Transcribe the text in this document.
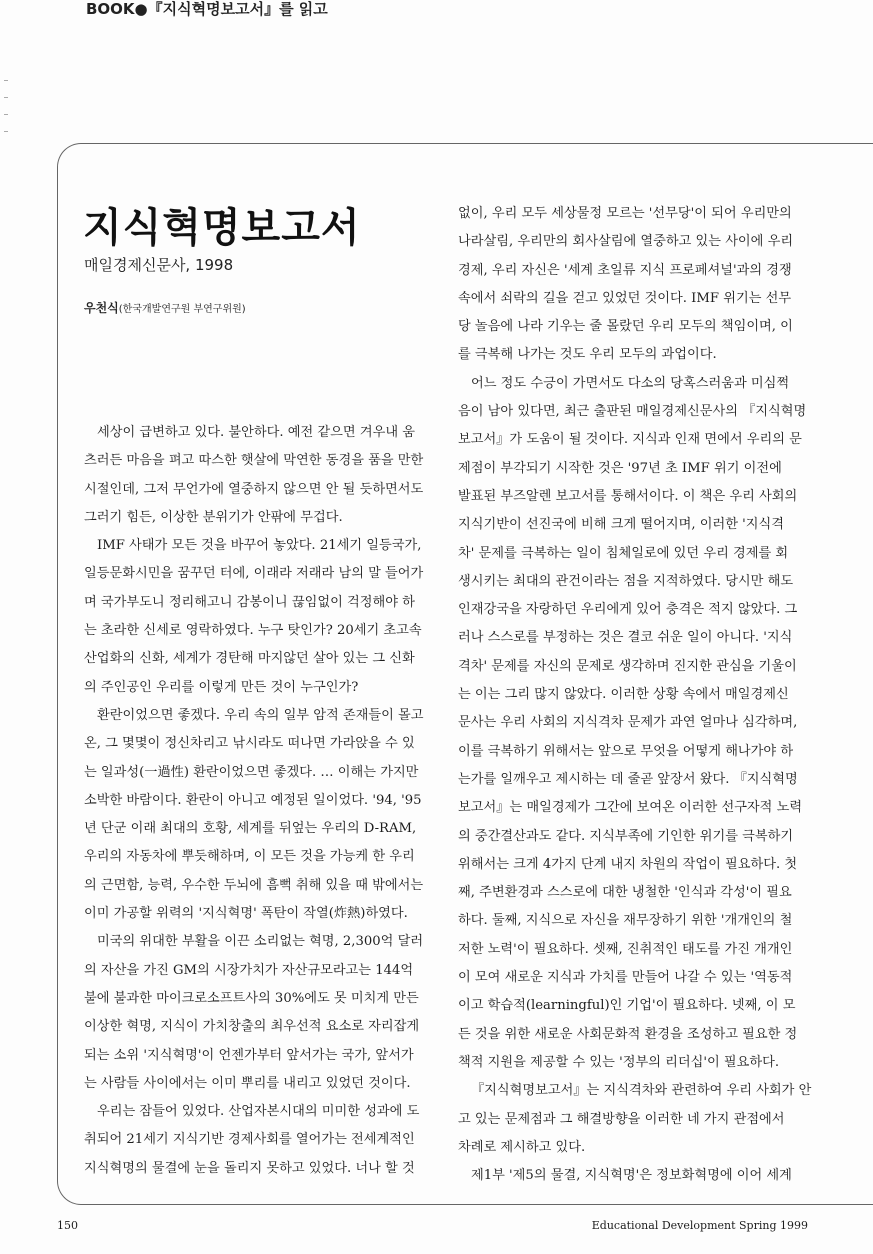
BOOK●『지식혁명보고서』를 읽고
지식혁명보고서
매일경제신문사, 1998
우천식(한국개발연구원 부연구위원)

세상이 급변하고 있다. 불안하다. 예전 같으면 겨우내 움

츠러든 마음을 펴고 따스한 햇살에 막연한 동경을 품을 만한

시절인데, 그저 무언가에 열중하지 않으면 안 될 듯하면서도

그러기 힘든, 이상한 분위기가 안팎에 무겁다.

IMF 사태가 모든 것을 바꾸어 놓았다. 21세기 일등국가,

일등문화시민을 꿈꾸던 터에, 이래라 저래라 남의 말 들어가

며 국가부도니 정리해고니 감봉이니 끊임없이 걱정해야 하

는 초라한 신세로 영락하였다. 누구 탓인가? 20세기 초고속

산업화의 신화, 세계가 경탄해 마지않던 살아 있는 그 신화

의 주인공인 우리를 이렇게 만든 것이 누구인가?

환란이었으면 좋겠다. 우리 속의 일부 암적 존재들이 몰고

온, 그 몇몇이 정신차리고 낚시라도 떠나면 가라앉을 수 있

는 일과성(一過性) 환란이었으면 좋겠다. … 이해는 가지만

소박한 바람이다. 환란이 아니고 예정된 일이었다. '94, '95

년 단군 이래 최대의 호황, 세계를 뒤엎는 우리의 D-RAM,

우리의 자동차에 뿌듯해하며, 이 모든 것을 가능케 한 우리

의 근면함, 능력, 우수한 두뇌에 흠뻑 취해 있을 때 밖에서는

이미 가공할 위력의 '지식혁명' 폭탄이 작열(炸熱)하였다.

미국의 위대한 부활을 이끈 소리없는 혁명, 2,300억 달러

의 자산을 가진 GM의 시장가치가 자산규모라고는 144억

불에 불과한 마이크로소프트사의 30%에도 못 미치게 만든

이상한 혁명, 지식이 가치창출의 최우선적 요소로 자리잡게

되는 소위 '지식혁명'이 언젠가부터 앞서가는 국가, 앞서가

는 사람들 사이에서는 이미 뿌리를 내리고 있었던 것이다.

우리는 잠들어 있었다. 산업자본시대의 미미한 성과에 도

취되어 21세기 지식기반 경제사회를 열어가는 전세계적인

지식혁명의 물결에 눈을 돌리지 못하고 있었다. 너나 할 것

없이, 우리 모두 세상물정 모르는 '선무당'이 되어 우리만의

나라살림, 우리만의 회사살림에 열중하고 있는 사이에 우리

경제, 우리 자신은 '세계 초일류 지식 프로페셔널'과의 경쟁

속에서 쇠락의 길을 걷고 있었던 것이다. IMF 위기는 선무

당 놀음에 나라 기우는 줄 몰랐던 우리 모두의 책임이며, 이

를 극복해 나가는 것도 우리 모두의 과업이다.

어느 정도 수긍이 가면서도 다소의 당혹스러움과 미심쩍

음이 남아 있다면, 최근 출판된 매일경제신문사의 『지식혁명

보고서』가 도움이 될 것이다. 지식과 인재 면에서 우리의 문

제점이 부각되기 시작한 것은 '97년 초 IMF 위기 이전에

발표된 부즈알렌 보고서를 통해서이다. 이 책은 우리 사회의

지식기반이 선진국에 비해 크게 떨어지며, 이러한 '지식격

차' 문제를 극복하는 일이 침체일로에 있던 우리 경제를 회

생시키는 최대의 관건이라는 점을 지적하였다. 당시만 해도

인재강국을 자랑하던 우리에게 있어 충격은 적지 않았다. 그

러나 스스로를 부정하는 것은 결코 쉬운 일이 아니다. '지식

격차' 문제를 자신의 문제로 생각하며 진지한 관심을 기울이

는 이는 그리 많지 않았다. 이러한 상황 속에서 매일경제신

문사는 우리 사회의 지식격차 문제가 과연 얼마나 심각하며,

이를 극복하기 위해서는 앞으로 무엇을 어떻게 해나가야 하

는가를 일깨우고 제시하는 데 줄곧 앞장서 왔다. 『지식혁명

보고서』는 매일경제가 그간에 보여온 이러한 선구자적 노력

의 중간결산과도 같다. 지식부족에 기인한 위기를 극복하기

위해서는 크게 4가지 단계 내지 차원의 작업이 필요하다. 첫

째, 주변환경과 스스로에 대한 냉철한 '인식과 각성'이 필요

하다. 둘째, 지식으로 자신을 재무장하기 위한 '개개인의 철

저한 노력'이 필요하다. 셋째, 진취적인 태도를 가진 개개인

이 모여 새로운 지식과 가치를 만들어 나갈 수 있는 '역동적

이고 학습적(learningful)인 기업'이 필요하다. 넷째, 이 모

든 것을 위한 새로운 사회문화적 환경을 조성하고 필요한 정

책적 지원을 제공할 수 있는 '정부의 리더십'이 필요하다.

『지식혁명보고서』는 지식격차와 관련하여 우리 사회가 안

고 있는 문제점과 그 해결방향을 이러한 네 가지 관점에서

차례로 제시하고 있다.

제1부 '제5의 물결, 지식혁명'은 정보화혁명에 이어 세계

150	Educational Development Spring 1999
